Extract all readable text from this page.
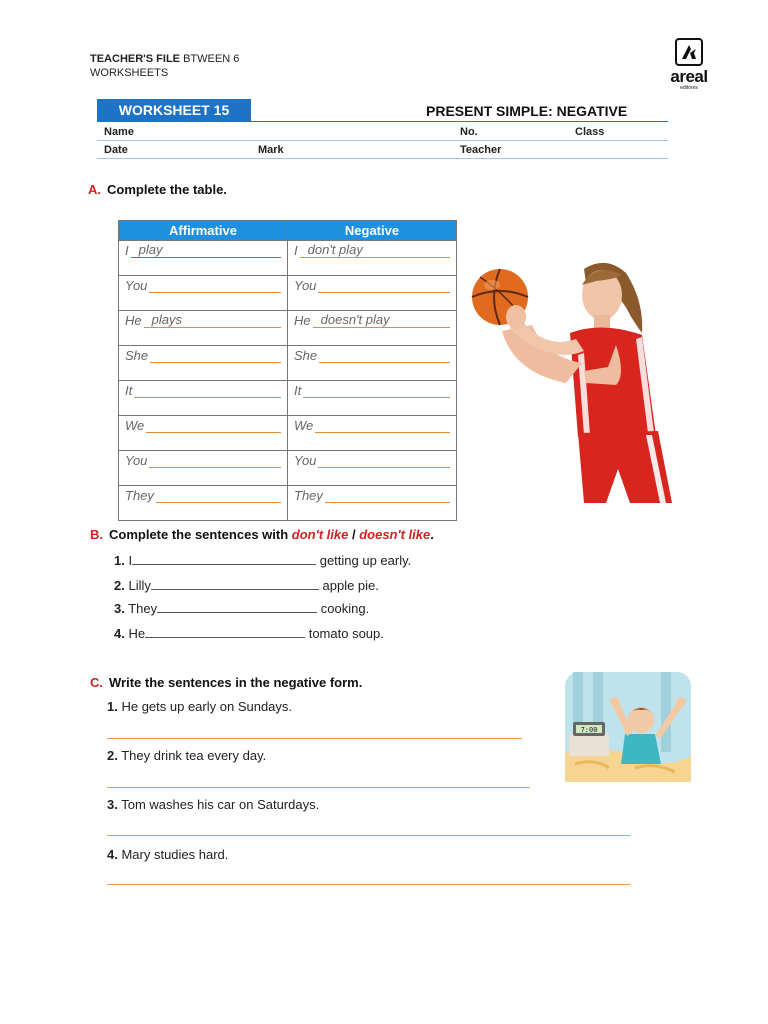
TEACHER'S FILE BTWEEN 6
WORKSHEETS	areal
editores
WORKSHEET 15	PRESENT SIMPLE: NEGATIVE
Name	No.	Class
Date	Mark	Teacher
A. Complete the table.
Affirmative	Negative

I play	I don't play

You	You

He plays	He doesn't play

She	She

It	It

We	We

You	You

They	They
B. Complete the sentences with don't like / doesn't like.
1. I	getting up early.
2. Lilly	apple pie.
3. They	cooking.
4. He	tomato soup.
C. Write the sentences in the negative form.
1. He gets up early on Sundays.
2. They drink tea every day.
3. Tom washes his car on Saturdays.
4. Mary studies hard.
7:00
